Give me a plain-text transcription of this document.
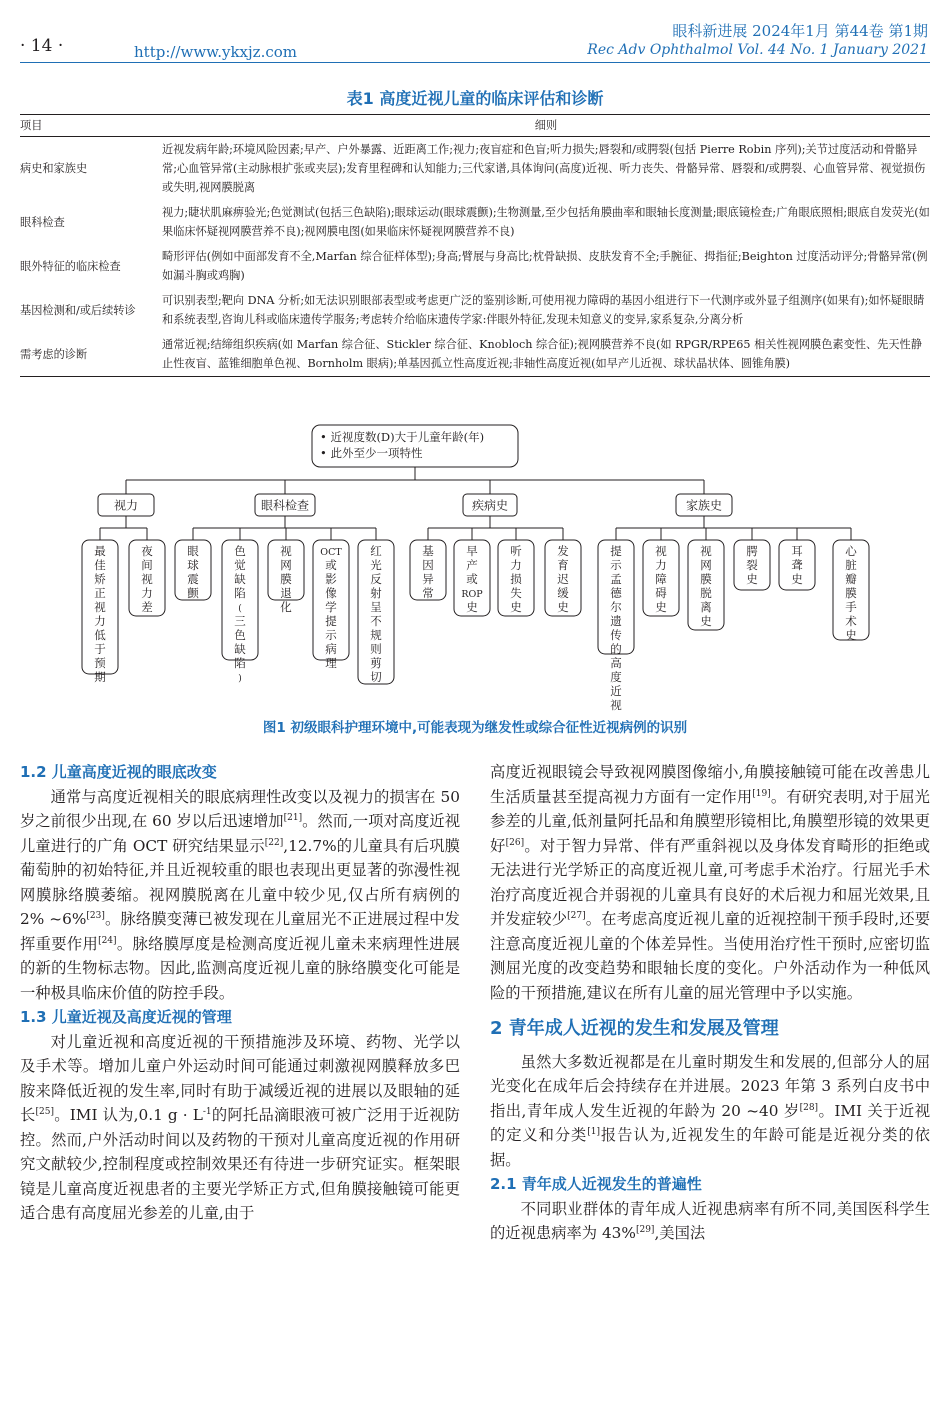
· 14 ·	http://www.ykxjz.com
眼科新进展 2024年1月 第44卷 第1期
Rec Adv Ophthalmol Vol. 44 No. 1 January 2021
表1 高度近视儿童的临床评估和诊断
项目	细则
病史和家族史	近视发病年龄;环境风险因素;早产、户外暴露、近距离工作;视力;夜盲症和色盲;听力损失;唇裂和/或腭裂(包括 Pierre Robin 序列);关节过度活动和骨骼异常;心血管异常(主动脉根扩张或夹层);发育里程碑和认知能力;三代家谱,具体询问(高度)近视、听力丧失、骨骼异常、唇裂和/或腭裂、心血管异常、视觉损伤或失明,视网膜脱离
眼科检查	视力;睫状肌麻痹验光;色觉测试(包括三色缺陷);眼球运动(眼球震颤);生物测量,至少包括角膜曲率和眼轴长度测量;眼底镜检查;广角眼底照相;眼底自发荧光(如果临床怀疑视网膜营养不良);视网膜电图(如果临床怀疑视网膜营养不良)
眼外特征的临床检查	畸形评估(例如中面部发育不全,Marfan 综合征样体型);身高;臂展与身高比;枕骨缺损、皮肤发育不全;手腕征、拇指征;Beighton 过度活动评分;骨骼异常(例如漏斗胸或鸡胸)
基因检测和/或后续转诊	可识别表型;靶向 DNA 分析;如无法识别眼部表型或考虑更广泛的鉴别诊断,可使用视力障碍的基因小组进行下一代测序或外显子组测序(如果有);如怀疑眼睛和系统表型,咨询儿科或临床遗传学服务;考虑转介给临床遗传学家:伴眼外特征,发现未知意义的变异,家系复杂,分离分析
需考虑的诊断	通常近视;结缔组织疾病(如 Marfan 综合征、Stickler 综合征、Knobloch 综合征);视网膜营养不良(如 RPGR/RPE65 相关性视网膜色素变性、先天性静止性夜盲、蓝锥细胞单色视、Bornholm 眼病);单基因孤立性高度近视;非轴性高度近视(如早产儿近视、球状晶状体、圆锥角膜)
• 近视度数(D)大于儿童年龄(年)
• 此外至少一项特性
视力
最佳矫正视力低于预期
夜间视力差
眼科检查
眼球震颤
色觉缺陷(三色缺陷)
视网膜退化
OCT 或影像学提示病理
红光反射呈不规则剪切
疾病史
基因异常
早产或 ROP 史
听力损失史
发育迟缓史
家族史
提示孟德尔遗传的高度近视
视力障碍史
视网膜脱离史
腭裂史
耳聋史
心脏瓣膜手术史
图1 初级眼科护理环境中,可能表现为继发性或综合征性近视病例的识别
1.2 儿童高度近视的眼底改变

通常与高度近视相关的眼底病理性改变以及视力的损害在 50 岁之前很少出现,在 60 岁以后迅速增加[21]。然而,一项对高度近视儿童进行的广角 OCT 研究结果显示[22],12.7%的儿童具有后巩膜葡萄肿的初始特征,并且近视较重的眼也表现出更显著的弥漫性视网膜脉络膜萎缩。视网膜脱离在儿童中较少见,仅占所有病例的 2% ~6%[23]。脉络膜变薄已被发现在儿童屈光不正进展过程中发挥重要作用[24]。脉络膜厚度是检测高度近视儿童未来病理性进展的新的生物标志物。因此,监测高度近视儿童的脉络膜变化可能是一种极具临床价值的防控手段。

1.3 儿童近视及高度近视的管理

对儿童近视和高度近视的干预措施涉及环境、药物、光学以及手术等。增加儿童户外运动时间可能通过刺激视网膜释放多巴胺来降低近视的发生率,同时有助于减缓近视的进展以及眼轴的延长[25]。IMI 认为,0.1 $g \cdot L^{-1}$的阿托品滴眼液可被广泛用于近视防控。然而,户外活动时间以及药物的干预对儿童高度近视的作用研究文献较少,控制程度或控制效果还有待进一步研究证实。框架眼镜是儿童高度近视患者的主要光学矫正方式,但角膜接触镜可能更适合患有高度屈光参差的儿童,由于

高度近视眼镜会导致视网膜图像缩小,角膜接触镜可能在改善患儿生活质量甚至提高视力方面有一定作用[19]。有研究表明,对于屈光参差的儿童,低剂量阿托品和角膜塑形镜相比,角膜塑形镜的效果更好[26]。对于智力异常、伴有严重斜视以及身体发育畸形的拒绝或无法进行光学矫正的高度近视儿童,可考虑手术治疗。行屈光手术治疗高度近视合并弱视的儿童具有良好的术后视力和屈光效果,且并发症较少[27]。在考虑高度近视儿童的近视控制干预手段时,还要注意高度近视儿童的个体差异性。当使用治疗性干预时,应密切监测屈光度的改变趋势和眼轴长度的变化。户外活动作为一种低风险的干预措施,建议在所有儿童的屈光管理中予以实施。

2 青年成人近视的发生和发展及管理

虽然大多数近视都是在儿童时期发生和发展的,但部分人的屈光变化在成年后会持续存在并进展。2023 年第 3 系列白皮书中指出,青年成人发生近视的年龄为 20 ~40 岁[28]。IMI 关于近视的定义和分类[1]报告认为,近视发生的年龄可能是近视分类的依据。

2.1 青年成人近视发生的普遍性

不同职业群体的青年成人近视患病率有所不同,美国医科学生的近视患病率为 43%[29],美国法
